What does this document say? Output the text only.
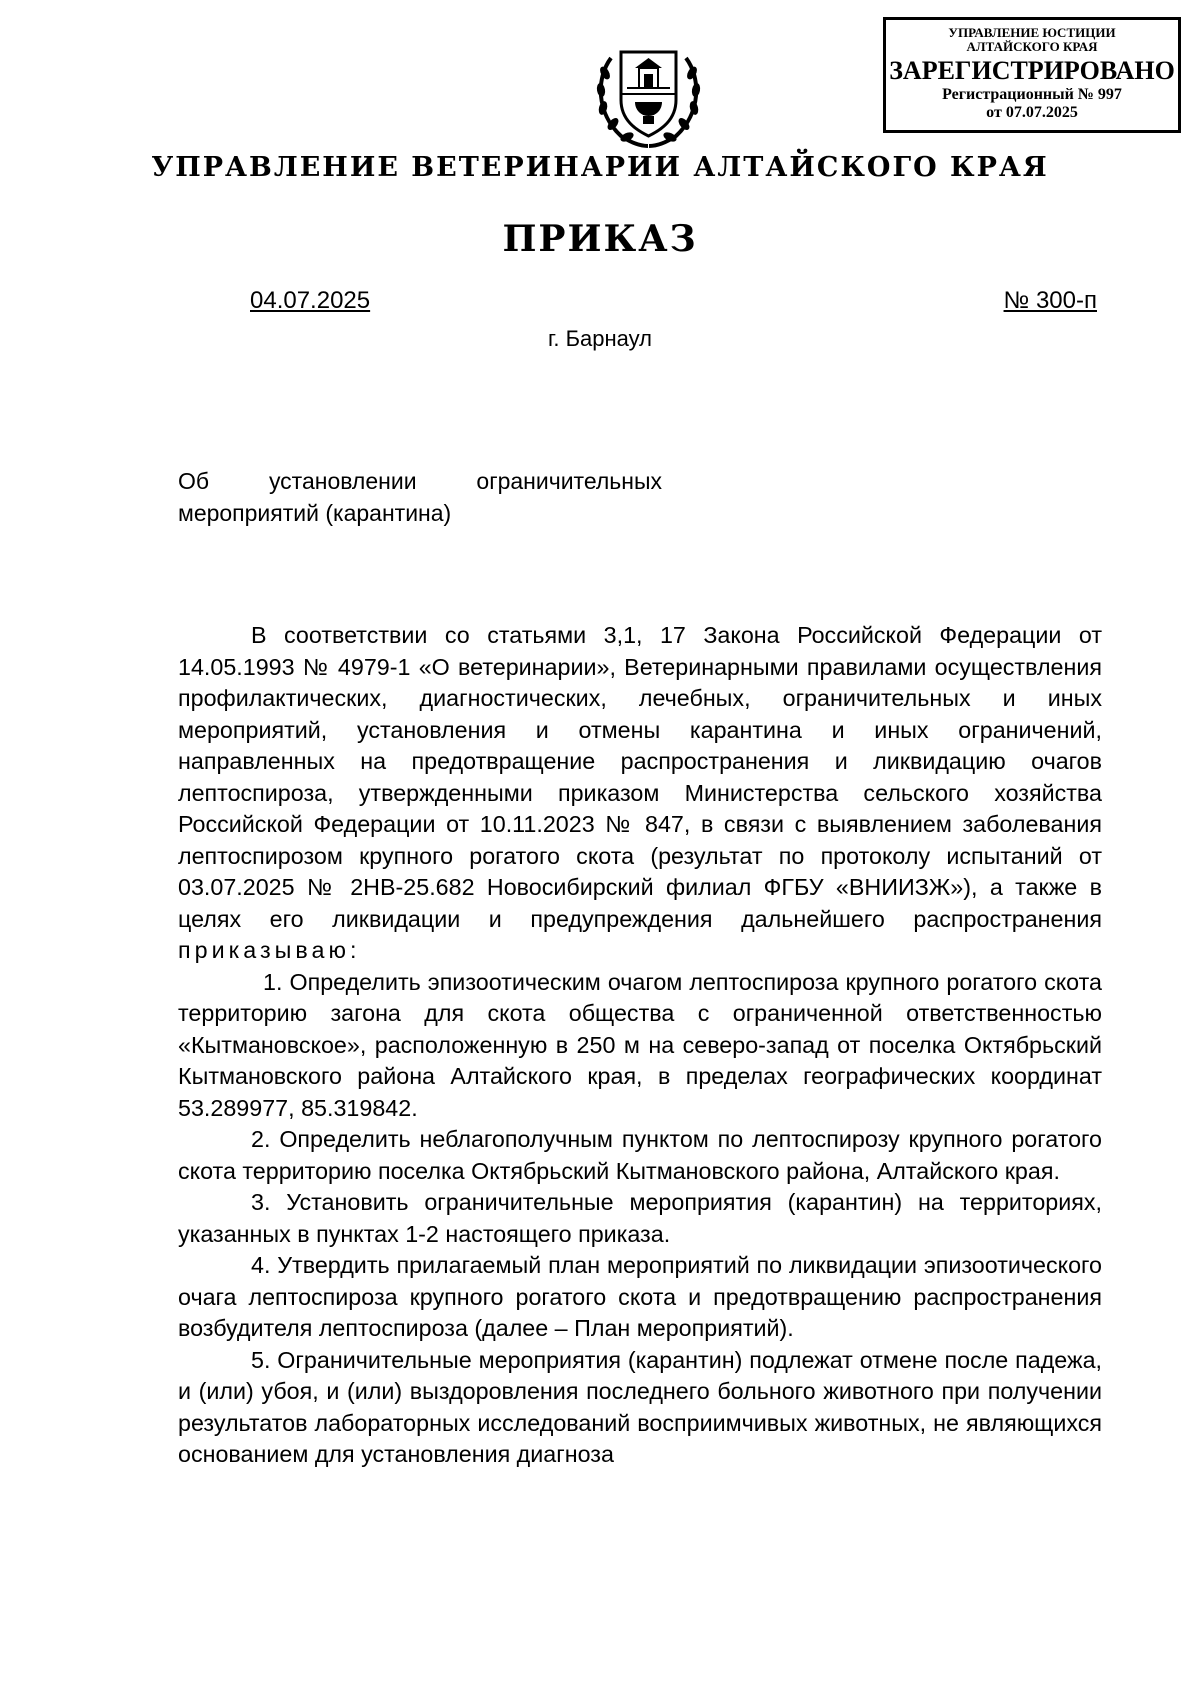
УПРАВЛЕНИЕ ЮСТИЦИИ
АЛТАЙСКОГО КРАЯ
ЗАРЕГИСТРИРОВАНО
Регистрационный № 997
от 07.07.2025
УПРАВЛЕНИЕ ВЕТЕРИНАРИИ АЛТАЙСКОГО КРАЯ
ПРИКАЗ
04.07.2025	№ 300-п
г. Барнаул
Об	установлении	ограничительных
мероприятий (карантина)

В соответствии со статьями 3,1, 17 Закона Российской Федерации от 14.05.1993 № 4979-1 «О ветеринарии», Ветеринарными правилами осуществления профилактических, диагностических, лечебных, ограничительных и иных мероприятий, установления и отмены карантина и иных ограничений, направленных на предотвращение распространения и ликвидацию очагов лептоспироза, утвержденными приказом Министерства сельского хозяйства Российской Федерации от 10.11.2023 № 847, в связи с выявлением заболевания лептоспирозом крупного рогатого скота (результат по протоколу испытаний от 03.07.2025 № 2НВ-25.682 Новосибирский филиал ФГБУ «ВНИИЗЖ»), а также в целях его ликвидации и предупреждения дальнейшего распространения приказываю:

1. Определить эпизоотическим очагом лептоспироза крупного рогатого скота территорию загона для скота общества с ограниченной ответственностью «Кытмановское», расположенную в 250 м на северо-запад от поселка Октябрьский Кытмановского района Алтайского края, в пределах географических координат 53.289977, 85.319842.

2. Определить неблагополучным пунктом по лептоспирозу крупного рогатого скота территорию поселка Октябрьский Кытмановского района, Алтайского края.

3. Установить ограничительные мероприятия (карантин) на территориях, указанных в пунктах 1-2 настоящего приказа.

4. Утвердить прилагаемый план мероприятий по ликвидации эпизоотического очага лептоспироза крупного рогатого скота и предотвращению распространения возбудителя лептоспироза (далее – План мероприятий).

5. Ограничительные мероприятия (карантин) подлежат отмене после падежа, и (или) убоя, и (или) выздоровления последнего больного животного при получении результатов лабораторных исследований восприимчивых животных, не являющихся основанием для установления диагноза
